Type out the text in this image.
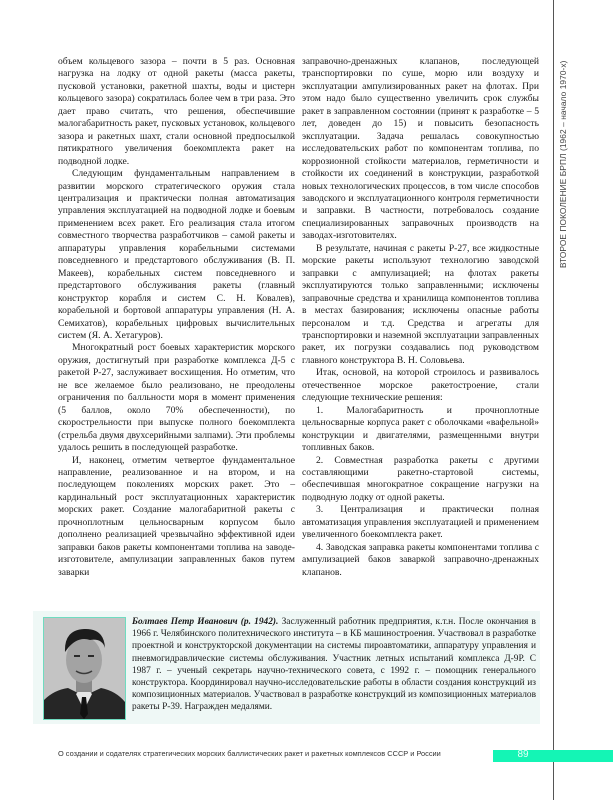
ВТОРОЕ ПОКОЛЕНИЕ БРПЛ (1962 – начало 1970-х)

объем кольцевого зазора – почти в 5 раз. Основная нагрузка на лодку от одной ракеты (масса ракеты, пусковой установки, ракетной шахты, воды и цистерн кольцевого зазора) сократилась более чем в три раза. Это дает право считать, что решения, обеспечившие малогабаритность ракет, пусковых установок, кольцевого зазора и ракетных шахт, стали основной предпосылкой пятикратного увеличения боекомплекта ракет на подводной лодке.

Следующим фундаментальным направлением в развитии морского стратегического оружия стала централизация и практически полная автоматизация управления эксплуатацией на подводной лодке и боевым применением всех ракет. Его реализация стала итогом совместного творчества разработчиков – самой ракеты и аппаратуры управления корабельными системами повседневного и предстартового обслуживания (В. П. Макеев), корабельных систем повседневного и предстартового обслуживания ракеты (главный конструктор корабля и систем С. Н. Ковалев), корабельной и бортовой аппаратуры управления (Н. А. Семихатов), корабельных цифровых вычислительных систем (Я. А. Хетагуров).

Многократный рост боевых характеристик морского оружия, достигнутый при разработке комплекса Д-5 с ракетой Р-27, заслуживает восхищения. Но отметим, что не все желаемое было реализовано, не преодолены ограничения по балльности моря в момент применения (5 баллов, около 70% обеспеченности), по скорострельности при выпуске полного боекомплекта (стрельба двумя двухсерийными залпами). Эти проблемы удалось решить в последующей разработке.

И, наконец, отметим четвертое фундаментальное направление, реализованное и на втором, и на последующем поколениях морских ракет. Это – кардинальный рост эксплуатационных характеристик морских ракет. Создание малогабаритной ракеты с прочноплотным цельносварным корпусом было дополнено реализацией чрезвычайно эффективной идеи заправки баков ракеты компонентами топлива на заводе-изготовителе, ампулизации заправленных баков путем заварки

заправочно-дренажных клапанов, последующей транспортировки по суше, морю или воздуху и эксплуатации ампулизированных ракет на флотах. При этом надо было существенно увеличить срок службы ракет в заправленном состоянии (принят к разработке – 5 лет, доведен до 15) и повысить безопасность эксплуатации. Задача решалась совокупностью исследовательских работ по компонентам топлива, по коррозионной стойкости материалов, герметичности и стойкости их соединений в конструкции, разработкой новых технологических процессов, в том числе способов заводского и эксплуатационного контроля герметичности и заправки. В частности, потребовалось создание специализированных заправочных производств на заводах-изготовителях.

В результате, начиная с ракеты Р-27, все жидкостные морские ракеты используют технологию заводской заправки с ампулизацией; на флотах ракеты эксплуатируются только заправленными; исключены заправочные средства и хранилища компонентов топлива в местах базирования; исключены опасные работы персоналом и т.д. Средства и агрегаты для транспортировки и наземной эксплуатации заправленных ракет, их погрузки создавались под руководством главного конструктора В. Н. Соловьева.

Итак, основой, на которой строилось и развивалось отечественное морское ракетостроение, стали следующие технические решения:

1. Малогабаритность и прочноплотные цельносварные корпуса ракет с оболочками «вафельной» конструкции и двигателями, размещенными внутри топливных баков.

2. Совместная разработка ракеты с другими составляющими ракетно-стартовой системы, обеспечившая многократное сокращение нагрузки на подводную лодку от одной ракеты.

3. Централизация и практически полная автоматизация управления эксплуатацией и применением увеличенного боекомплекта ракет.

4. Заводская заправка ракеты компонентами топлива с ампулизацией баков заваркой заправочно-дренажных клапанов.

Болтаев Петр Иванович (р. 1942). Заслуженный работник предприятия, к.т.н. После окончания в 1966 г. Челябинского политехнического института – в КБ машиностроения. Участвовал в разработке проектной и конструкторской документации на системы пироавтоматики, аппаратуру управления и пневмогидравлические системы обслуживания. Участник летных испытаний комплекса Д-9Р. С 1987 г. – ученый секретарь научно-технического совета, с 1992 г. – помощник генерального конструктора. Координировал научно-исследовательские работы в области создания конструкций из композиционных материалов. Участвовал в разработке конструкций из композиционных материалов ракеты Р-39. Награжден медалями.
О создании и содателях стратегических морских баллистических ракет и ракетных комплексов СССР и России	89
